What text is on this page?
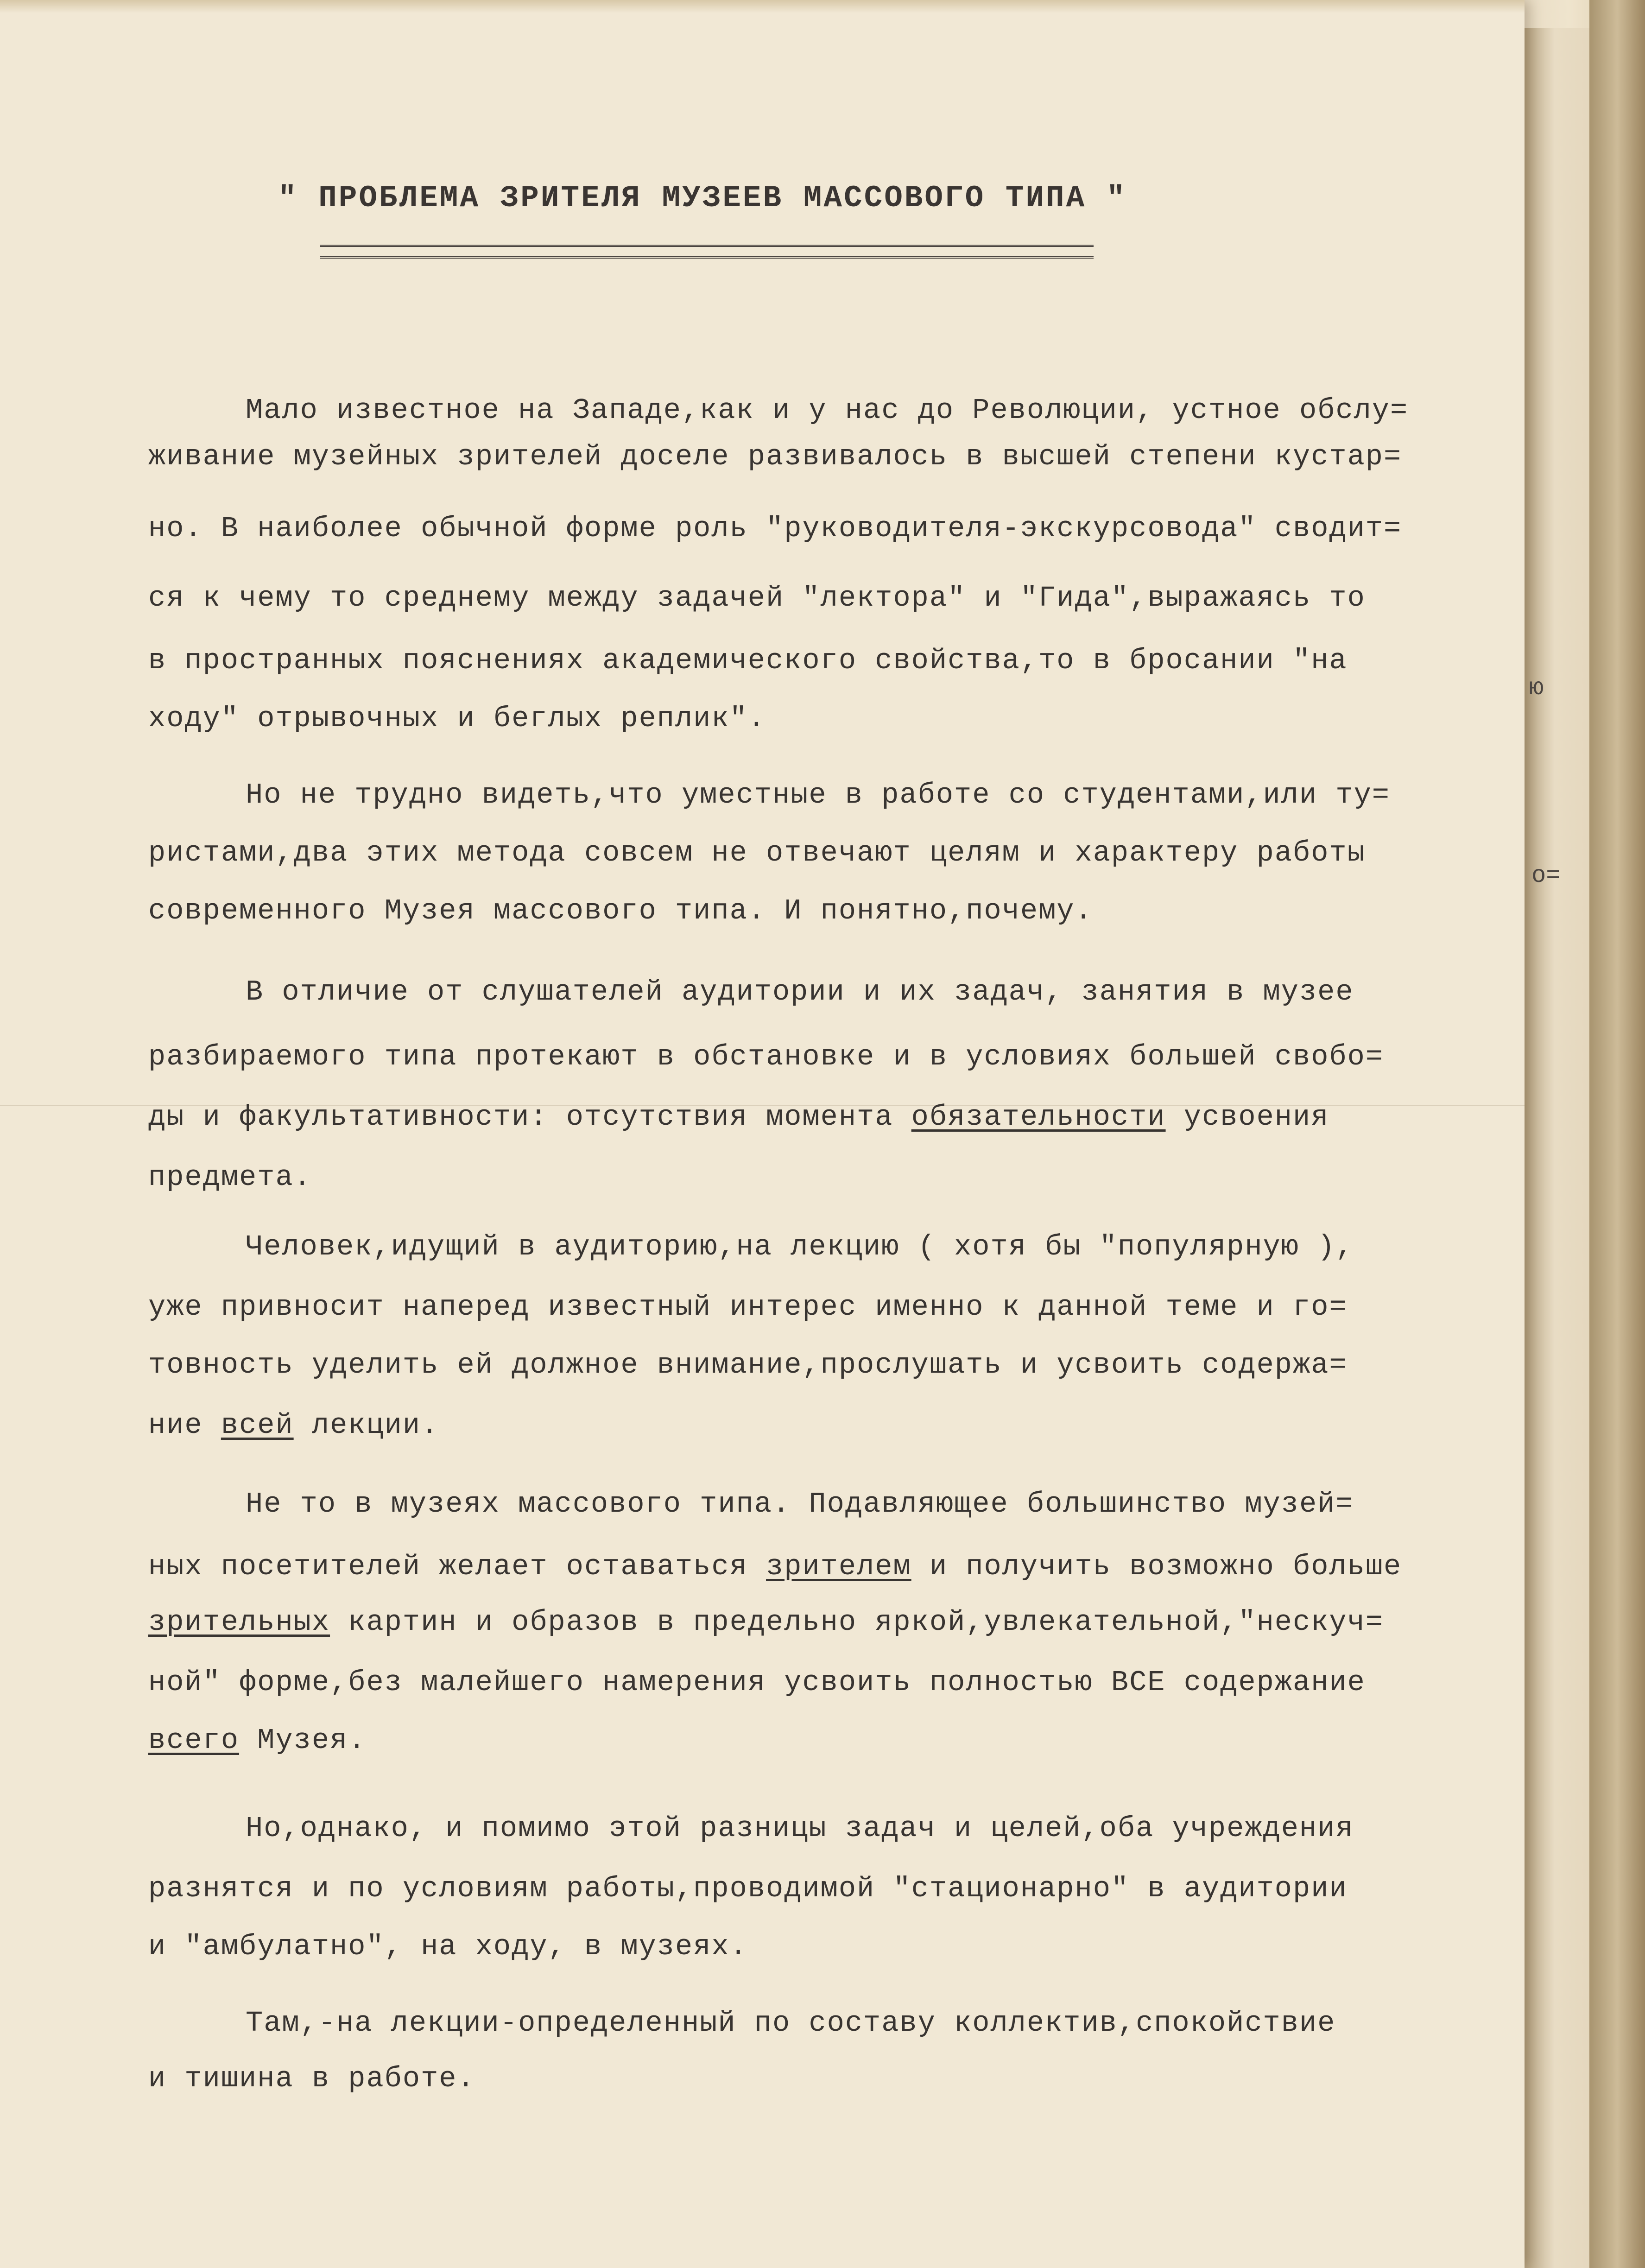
" ПРОБЛЕМА ЗРИТЕЛЯ МУЗЕЕВ МАССОВОГО ТИПА "
Мало известное на Западе,как и у нас до Революции, устное обслу=
живание музейных зрителей доселе развивалось в высшей степени кустар=
но. В наиболее обычной форме роль "руководителя-экскурсовода" сводит=
ся к чему то среднему между задачей "лектора" и "Гида",выражаясь то
в пространных пояснениях академического свойства,то в бросании "на
ходу" отрывочных и беглых реплик".
Но не трудно видеть,что уместные в работе со студентами,или ту=
ристами,два этих метода совсем не отвечают целям и характеру работы
современного Музея массового типа. И понятно,почему.
В отличие от слушателей аудитории и их задач, занятия в музее
разбираемого типа протекают в обстановке и в условиях большей свобо=
ды и факультативности: отсутствия момента обязательности усвоения
предмета.
Человек,идущий в аудиторию,на лекцию ( хотя бы "популярную ),
уже привносит наперед известный интерес именно к данной теме и го=
товность уделить ей должное внимание,прослушать и усвоить содержа=
ние всей лекции.
Не то в музеях массового типа. Подавляющее большинство музей=
ных посетителей желает оставаться зрителем и получить возможно больше
зрительных картин и образов в предельно яркой,увлекательной,"нескуч=
ной" форме,без малейшего намерения усвоить полностью ВСЕ содержание
всего Музея.
Но,однако, и помимо этой разницы задач и целей,оба учреждения
разнятся и по условиям работы,проводимой "стационарно" в аудитории
и "амбулатно", на ходу, в музеях.
Там,-на лекции-определенный по составу коллектив,спокойствие
и тишина в работе.
ю
о=
